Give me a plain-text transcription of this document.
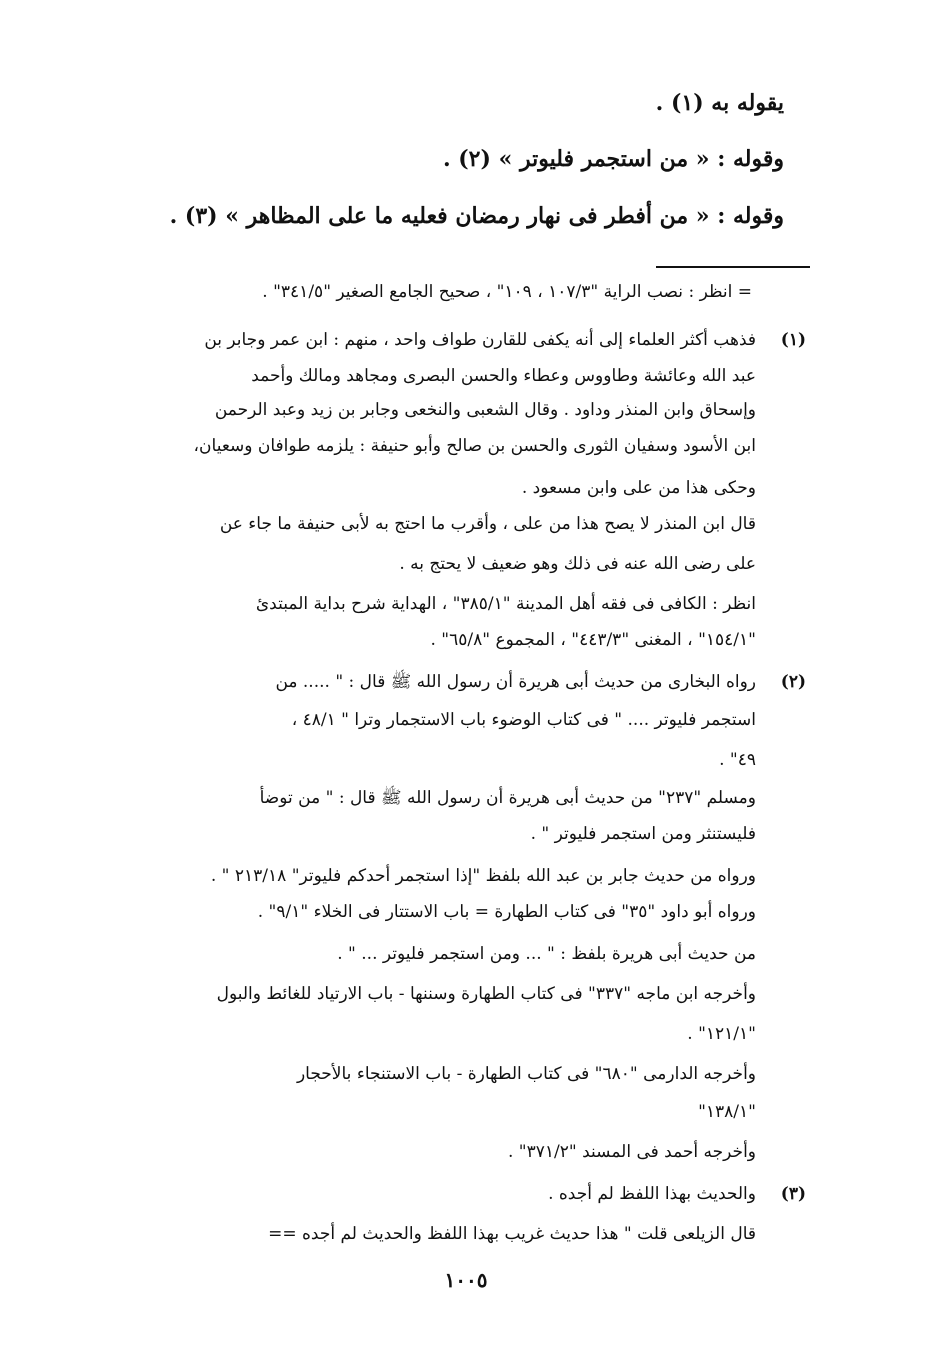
يقوله به (١) .
وقوله : « من استجمر فليوتر » (٢) .
وقوله : « من أفطر فى نهار رمضان فعليه ما على المظاهر » (٣) .
= انظر : نصب الراية "١٠٧/٣ ، ١٠٩" ، صحيح الجامع الصغير "٣٤١/٥" .
(١)
فذهب أكثر العلماء إلى أنه يكفى للقارن طواف واحد ، منهم : ابن عمر وجابر بن
عبد الله وعائشة وطاووس وعطاء والحسن البصرى ومجاهد ومالك وأحمد
وإسحاق وابن المنذر وداود . وقال الشعبى والنخعى وجابر بن زيد وعبد الرحمن
ابن الأسود وسفيان الثورى والحسن بن صالح وأبو حنيفة : يلزمه طوافان وسعيان،
وحكى هذا من على وابن مسعود .
قال ابن المنذر لا يصح هذا من على ، وأقرب ما احتج به لأبى حنيفة ما جاء عن
على رضى الله عنه فى ذلك وهو ضعيف لا يحتج به .
انظر : الكافى فى فقه أهل المدينة "٣٨٥/١" ، الهداية شرح بداية المبتدئ
"١٥٤/١" ، المغنى "٤٤٣/٣" ، المجموع "٦٥/٨" .
(٢)
رواه البخارى من حديث أبى هريرة أن رسول الله ﷺ قال : " ..... من
استجمر فليوتر .... " فى كتاب الوضوء باب الاستجمار وترا " ٤٨/١ ،
٤٩" .
ومسلم "٢٣٧" من حديث أبى هريرة أن رسول الله ﷺ قال : " من توضأ
فليستنثر ومن استجمر فليوتر " .
ورواه من حديث جابر بن عبد الله بلفظ "إذا استجمر أحدكم فليوتر" ٢١٣/١٨ " .
ورواه أبو داود "٣٥" فى كتاب الطهارة = باب الاستتار فى الخلاء "٩/١" .
من حديث أبى هريرة بلفظ : " ... ومن استجمر فليوتر ... " .
وأخرجه ابن ماجه "٣٣٧" فى كتاب الطهارة وسننها - باب الارتياد للغائط والبول
"١٢١/١" .
وأخرجه الدارمى "٦٨٠" فى كتاب الطهارة - باب الاستنجاء بالأحجار
"١٣٨/١"
وأخرجه أحمد فى المسند "٣٧١/٢" .
(٣)
والحديث بهذا اللفظ لم أجده .
قال الزيلعى قلت " هذا حديث غريب بهذا اللفظ والحديث لم أجده ==
١٠٠٥
